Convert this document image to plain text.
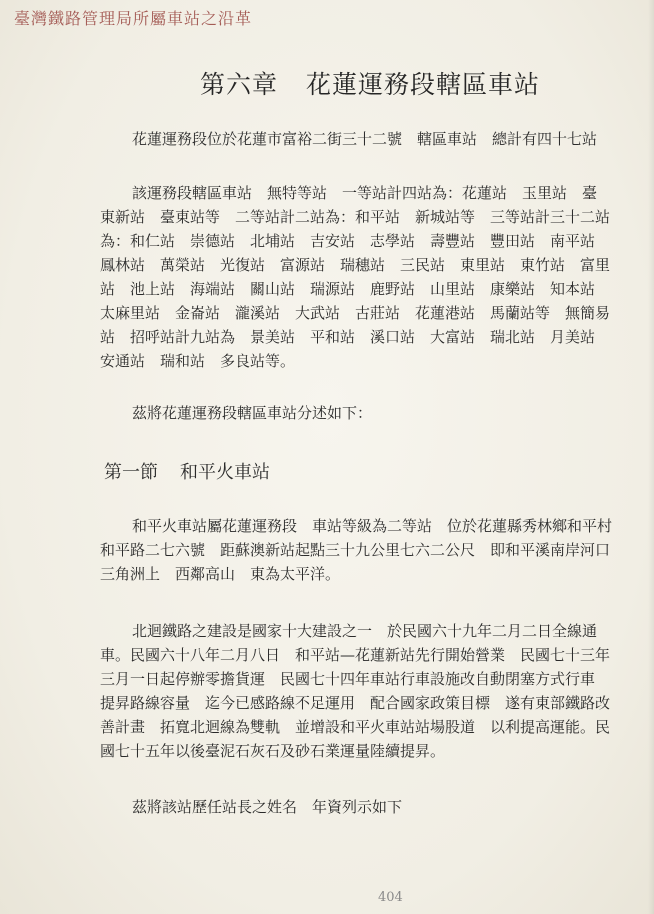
臺灣鐵路管理局所屬車站之沿革
第六章 花蓮運務段轄區車站
花蓮運務段位於花蓮市富裕二街三十二號　轄區車站　總計有四十七站
該運務段轄區車站　無特等站　一等站計四站為：花蓮站　玉里站　臺
東新站　臺東站等　二等站計二站為：和平站　新城站等　三等站計三十二站
為：和仁站　崇德站　北埔站　吉安站　志學站　壽豐站　豐田站　南平站
鳳林站　萬榮站　光復站　富源站　瑞穗站　三民站　東里站　東竹站　富里
站　池上站　海端站　關山站　瑞源站　鹿野站　山里站　康樂站　知本站
太麻里站　金崙站　瀧溪站　大武站　古莊站　花蓮港站　馬蘭站等　無簡易
站　招呼站計九站為　景美站　平和站　溪口站　大富站　瑞北站　月美站
安通站　瑞和站　多良站等。
茲將花蓮運務段轄區車站分述如下：
第一節 和平火車站
和平火車站屬花蓮運務段　車站等級為二等站　位於花蓮縣秀林鄉和平村
和平路二七六號　距蘇澳新站起點三十九公里七六二公尺　即和平溪南岸河口
三角洲上　西鄰高山　東為太平洋。
北迴鐵路之建設是國家十大建設之一　於民國六十九年二月二日全線通
車。民國六十八年二月八日　和平站—花蓮新站先行開始營業　民國七十三年
三月一日起停辦零擔貨運　民國七十四年車站行車設施改自動閉塞方式行車
提昇路線容量　迄今已感路線不足運用　配合國家政策目標　遂有東部鐵路改
善計畫　拓寬北迴線為雙軌　並增設和平火車站站場股道　以利提高運能。民
國七十五年以後臺泥石灰石及砂石業運量陸續提昇。
茲將該站歷任站長之姓名　年資列示如下
404
